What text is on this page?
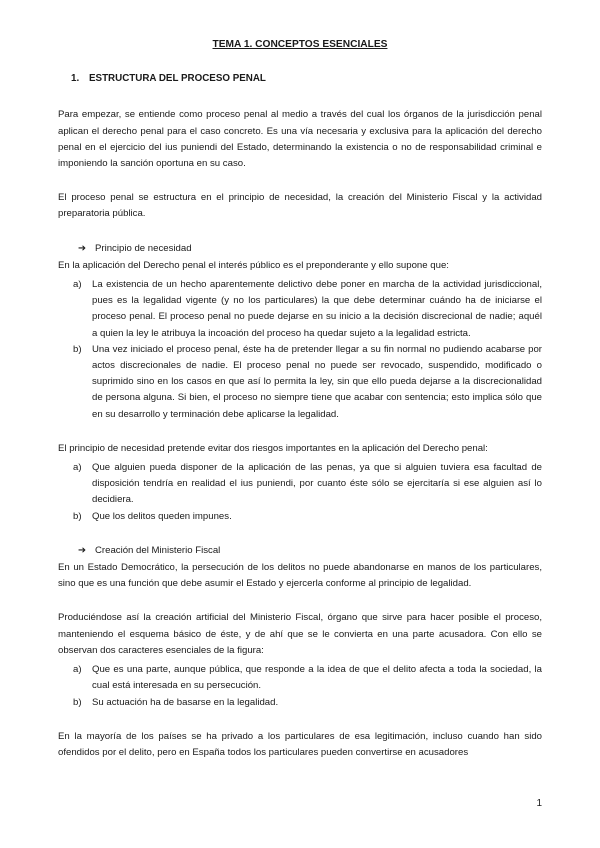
TEMA 1. CONCEPTOS ESENCIALES
1. ESTRUCTURA DEL PROCESO PENAL

Para empezar, se entiende como proceso penal al medio a través del cual los órganos de la jurisdicción penal aplican el derecho penal para el caso concreto. Es una vía necesaria y exclusiva para la aplicación del derecho penal en el ejercicio del ius puniendi del Estado, determinando la existencia o no de responsabilidad criminal e imponiendo la sanción oportuna en su caso.

El proceso penal se estructura en el principio de necesidad, la creación del Ministerio Fiscal y la actividad preparatoria pública.

➔ Principio de necesidad

En la aplicación del Derecho penal el interés público es el preponderante y ello supone que:

a) La existencia de un hecho aparentemente delictivo debe poner en marcha de la actividad jurisdiccional, pues es la legalidad vigente (y no los particulares) la que debe determinar cuándo ha de iniciarse el proceso penal. El proceso penal no puede dejarse en su inicio a la decisión discrecional de nadie; aquél a quien la ley le atribuya la incoación del proceso ha quedar sujeto a la legalidad estricta.
b) Una vez iniciado el proceso penal, éste ha de pretender llegar a su fin normal no pudiendo acabarse por actos discrecionales de nadie. El proceso penal no puede ser revocado, suspendido, modificado o suprimido sino en los casos en que así lo permita la ley, sin que ello pueda dejarse a la discrecionalidad de persona alguna. Si bien, el proceso no siempre tiene que acabar con sentencia; esto implica sólo que en su desarrollo y terminación debe aplicarse la legalidad.

El principio de necesidad pretende evitar dos riesgos importantes en la aplicación del Derecho penal:

a) Que alguien pueda disponer de la aplicación de las penas, ya que si alguien tuviera esa facultad de disposición tendría en realidad el ius puniendi, por cuanto éste sólo se ejercitaría si ese alguien así lo decidiera.
b) Que los delitos queden impunes.
➔ Creación del Ministerio Fiscal

En un Estado Democrático, la persecución de los delitos no puede abandonarse en manos de los particulares, sino que es una función que debe asumir el Estado y ejercerla conforme al principio de legalidad.

Produciéndose así la creación artificial del Ministerio Fiscal, órgano que sirve para hacer posible el proceso, manteniendo el esquema básico de éste, y de ahí que se le convierta en una parte acusadora. Con ello se observan dos caracteres esenciales de la figura:

a) Que es una parte, aunque pública, que responde a la idea de que el delito afecta a toda la sociedad, la cual está interesada en su persecución.
b) Su actuación ha de basarse en la legalidad.

En la mayoría de los países se ha privado a los particulares de esa legitimación, incluso cuando han sido ofendidos por el delito, pero en España todos los particulares pueden convertirse en acusadores

1
